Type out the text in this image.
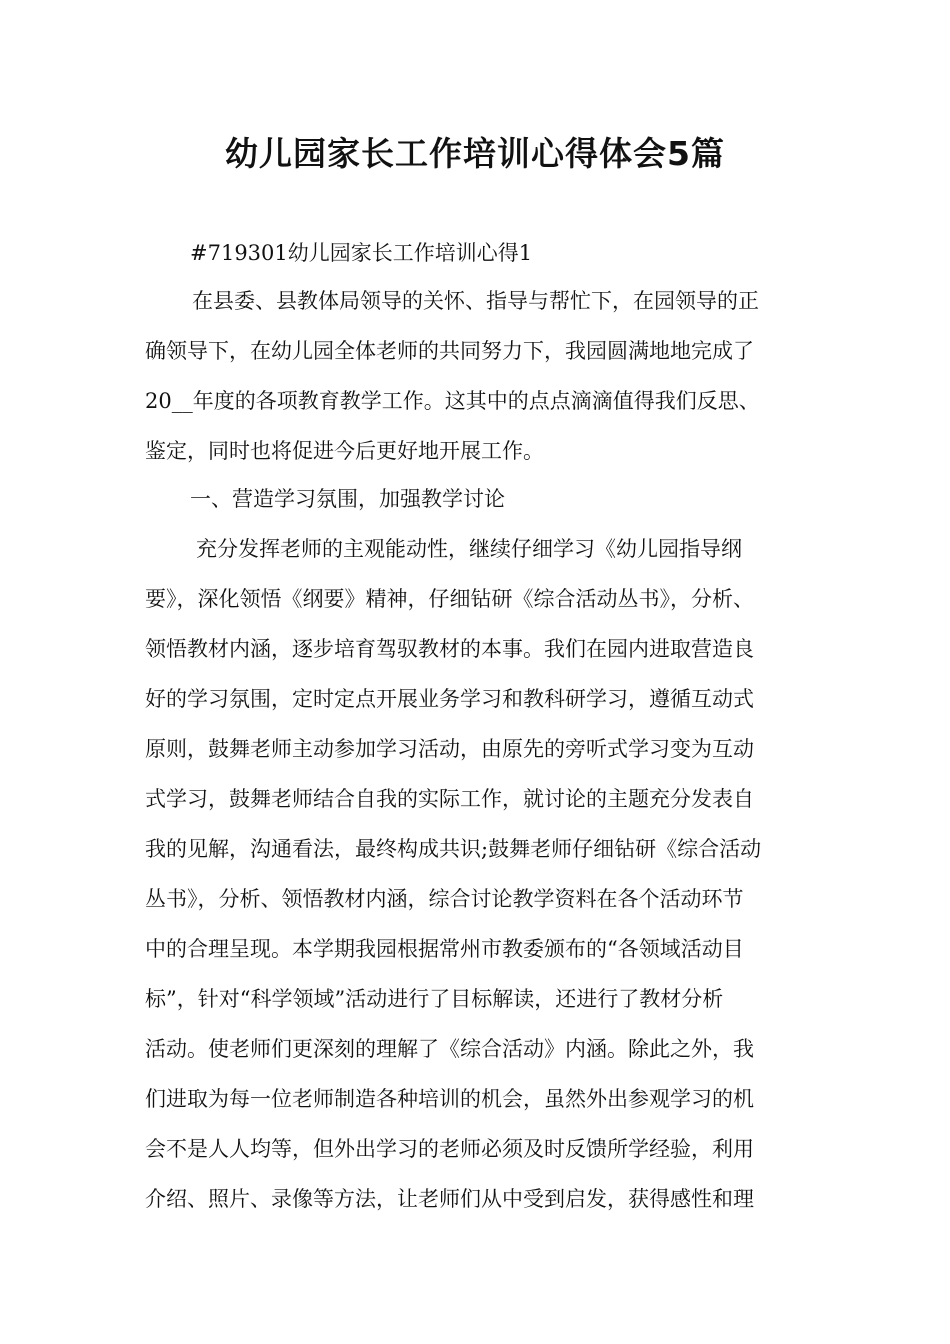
幼儿园家长工作培训心得体会5篇

#719301幼儿园家长工作培训心得1

在县委、县教体局领导的关怀、指导与帮忙下，在园领导的正

确领导下，在幼儿园全体老师的共同努力下，我园圆满地地完成了

20__年度的各项教育教学工作。这其中的点点滴滴值得我们反思、

鉴定，同时也将促进今后更好地开展工作。

一、营造学习氛围，加强教学讨论

充分发挥老师的主观能动性，继续仔细学习《幼儿园指导纲

要》，深化领悟《纲要》精神，仔细钻研《综合活动丛书》，分析、

领悟教材内涵，逐步培育驾驭教材的本事。我们在园内进取营造良

好的学习氛围，定时定点开展业务学习和教科研学习，遵循互动式

原则，鼓舞老师主动参加学习活动，由原先的旁听式学习变为互动

式学习，鼓舞老师结合自我的实际工作，就讨论的主题充分发表自

我的见解，沟通看法，最终构成共识;鼓舞老师仔细钻研《综合活动

丛书》，分析、领悟教材内涵，综合讨论教学资料在各个活动环节

中的合理呈现。本学期我园根据常州市教委颁布的“各领域活动目

标”，针对“科学领域”活动进行了目标解读，还进行了教材分析

活动。使老师们更深刻的理解了《综合活动》内涵。除此之外，我

们进取为每一位老师制造各种培训的机会，虽然外出参观学习的机

会不是人人均等，但外出学习的老师必须及时反馈所学经验，利用

介绍、照片、录像等方法，让老师们从中受到启发，获得感性和理
